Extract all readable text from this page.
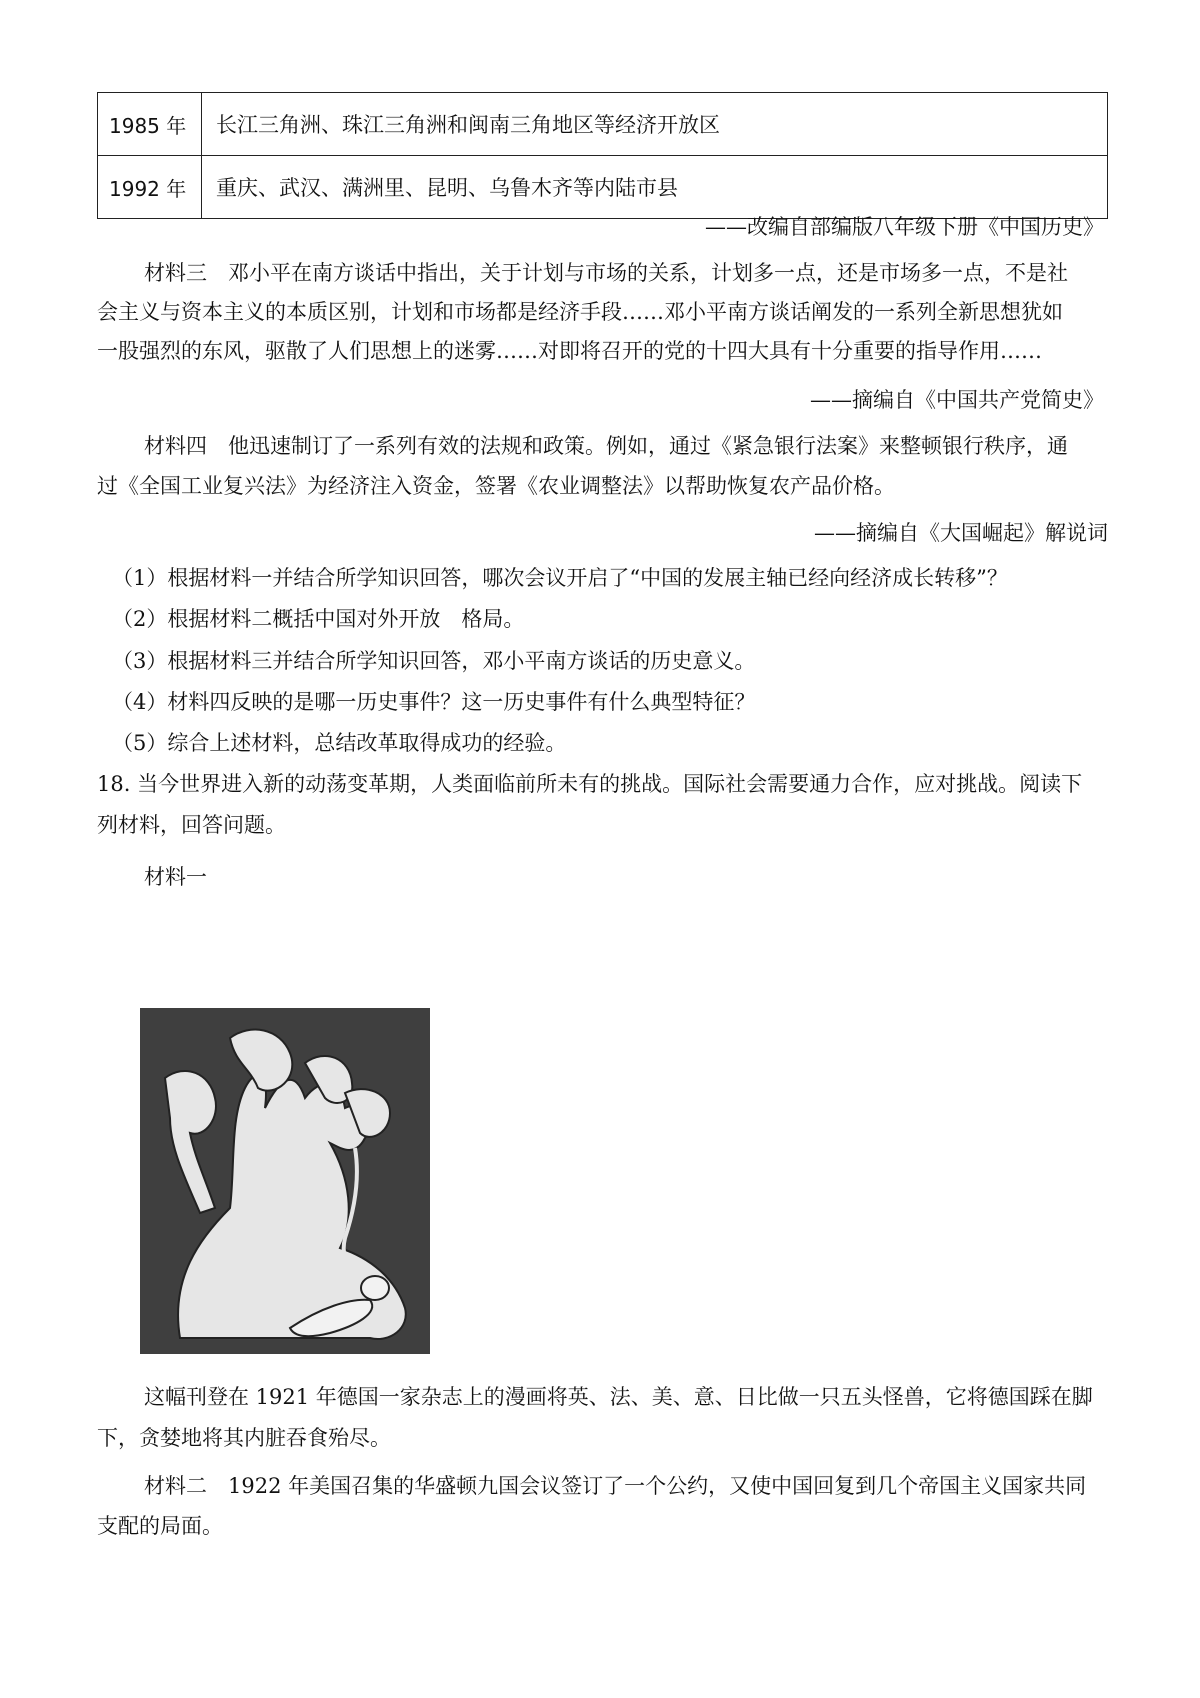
1985 年	长江三角洲、珠江三角洲和闽南三角地区等经济开放区
1992 年	重庆、武汉、满洲里、昆明、乌鲁木齐等内陆市县
——改编自部编版八年级下册《中国历史》
材料三　邓小平在南方谈话中指出，关于计划与市场的关系，计划多一点，还是市场多一点，不是社
会主义与资本主义的本质区别，计划和市场都是经济手段……邓小平南方谈话阐发的一系列全新思想犹如
一股强烈的东风，驱散了人们思想上的迷雾……对即将召开的党的十四大具有十分重要的指导作用……
——摘编自《中国共产党简史》
材料四　他迅速制订了一系列有效的法规和政策。例如，通过《紧急银行法案》来整顿银行秩序，通
过《全国工业复兴法》为经济注入资金，签署《农业调整法》以帮助恢复农产品价格。
——摘编自《大国崛起》解说词
（1）根据材料一并结合所学知识回答，哪次会议开启了“中国的发展主轴已经向经济成长转移”？
（2）根据材料二概括中国对外开放　格局。
（3）根据材料三并结合所学知识回答，邓小平南方谈话的历史意义。
（4）材料四反映的是哪一历史事件？这一历史事件有什么典型特征？
（5）综合上述材料，总结改革取得成功的经验。
18. 当今世界进入新的动荡变革期，人类面临前所未有的挑战。国际社会需要通力合作，应对挑战。阅读下
列材料，回答问题。
材料一
这幅刊登在 1921 年德国一家杂志上的漫画将英、法、美、意、日比做一只五头怪兽，它将德国踩在脚
下，贪婪地将其内脏吞食殆尽。
材料二　1922 年美国召集的华盛顿九国会议签订了一个公约，又使中国回复到几个帝国主义国家共同
支配的局面。
